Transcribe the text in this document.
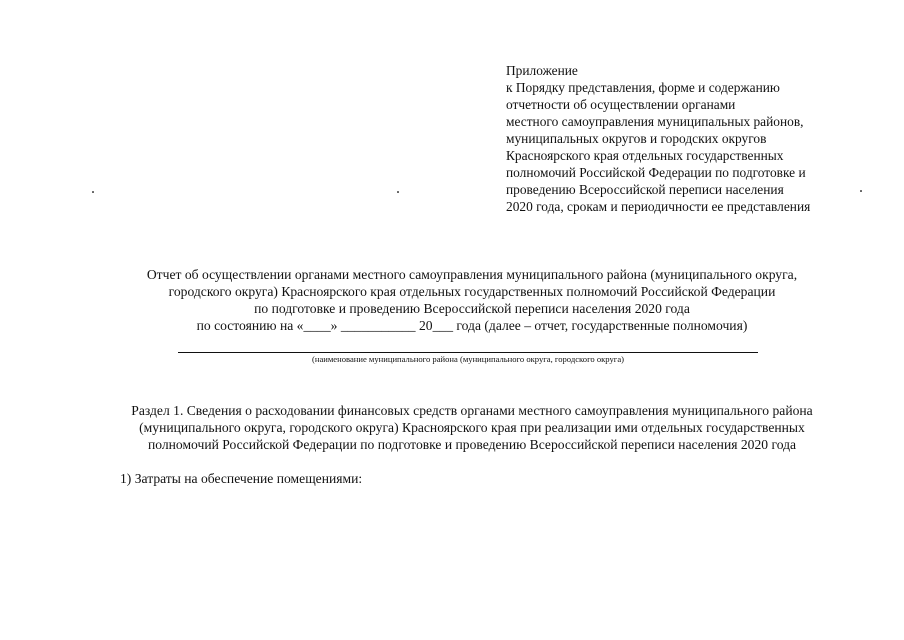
Приложение
к Порядку представления, форме и содержанию
отчетности об осуществлении органами
местного самоуправления муниципальных районов,
муниципальных округов и городских округов
Красноярского края отдельных государственных
полномочий Российской Федерации по подготовке и
проведению Всероссийской переписи населения
2020 года, срокам и периодичности ее представления
Отчет об осуществлении органами местного самоуправления муниципального района (муниципального округа,
городского округа) Красноярского края отдельных государственных полномочий Российской Федерации
по подготовке и проведению Всероссийской переписи населения 2020 года
по состоянию на «____» ___________ 20___ года (далее – отчет, государственные полномочия)
(наименование муниципального района (муниципального округа, городского округа)
Раздел 1. Сведения о расходовании финансовых средств органами местного самоуправления муниципального района
(муниципального округа, городского округа) Красноярского края при реализации ими отдельных государственных
полномочий Российской Федерации по подготовке и проведению Всероссийской переписи населения 2020 года
1) Затраты на обеспечение помещениями:
